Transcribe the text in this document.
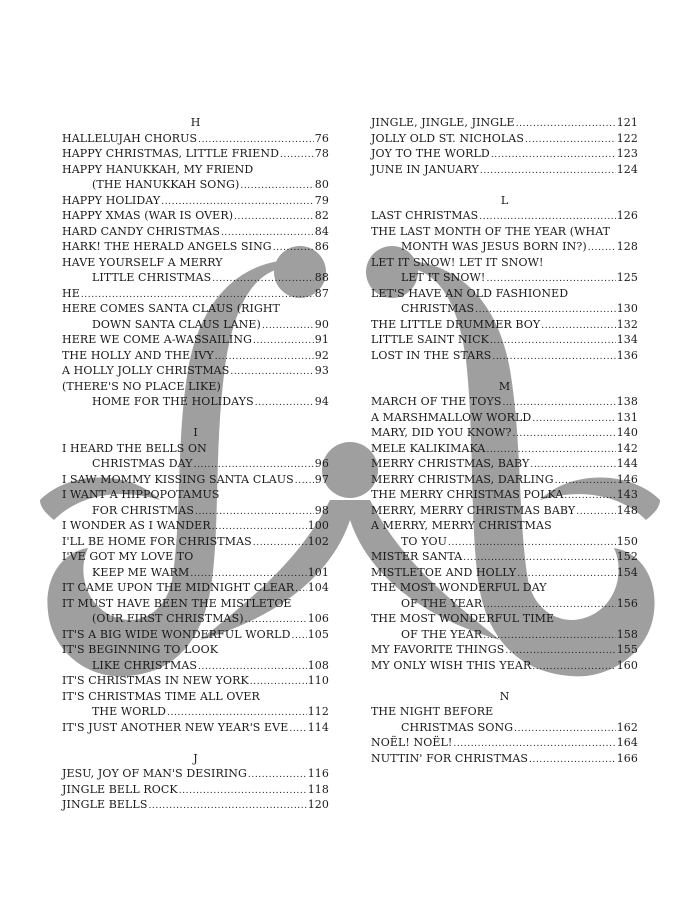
H
HALLELUJAH CHORUS .....	76
HAPPY CHRISTMAS, LITTLE FRIEND .....	78
HAPPY HANUKKAH, MY FRIEND
(THE HANUKKAH SONG) .....	80
HAPPY HOLIDAY .....	79
HAPPY XMAS (WAR IS OVER) .....	82
HARD CANDY CHRISTMAS .....	84
HARK! THE HERALD ANGELS SING .....	86
HAVE YOURSELF A MERRY
LITTLE CHRISTMAS .....	88
HE .....	87
HERE COMES SANTA CLAUS (RIGHT
DOWN SANTA CLAUS LANE) .....	90
HERE WE COME A-WASSAILING .....	91
THE HOLLY AND THE IVY .....	92
A HOLLY JOLLY CHRISTMAS .....	93
(THERE'S NO PLACE LIKE)
HOME FOR THE HOLIDAYS .....	94
I
I HEARD THE BELLS ON
CHRISTMAS DAY .....	96
I SAW MOMMY KISSING SANTA CLAUS ..... 97
I WANT A HIPPOPOTAMUS
FOR CHRISTMAS .....	98
I WONDER AS I WANDER .....	100
I'LL BE HOME FOR CHRISTMAS .....	102
I'VE GOT MY LOVE TO
KEEP ME WARM .....	101
IT CAME UPON THE MIDNIGHT CLEAR ..... 104
IT MUST HAVE BEEN THE MISTLETOE
(OUR FIRST CHRISTMAS) .....	106
IT'S A BIG WIDE WONDERFUL WORLD ..... 105
IT'S BEGINNING TO LOOK
LIKE CHRISTMAS .....	108
IT'S CHRISTMAS IN NEW YORK .....	110
IT'S CHRISTMAS TIME ALL OVER
THE WORLD .....	112
IT'S JUST ANOTHER NEW YEAR'S EVE ..... 114
J
JESU, JOY OF MAN'S DESIRING .....	116
JINGLE BELL ROCK .....	118
JINGLE BELLS .....	120
JINGLE, JINGLE, JINGLE .....	121
JOLLY OLD ST. NICHOLAS .....	122
JOY TO THE WORLD .....	123
JUNE IN JANUARY .....	124
L
LAST CHRISTMAS .....	126
THE LAST MONTH OF THE YEAR (WHAT
MONTH WAS JESUS BORN IN?) .....	128
LET IT SNOW! LET IT SNOW!
LET IT SNOW! .....	125
LET'S HAVE AN OLD FASHIONED
CHRISTMAS .....	130
THE LITTLE DRUMMER BOY .....	132
LITTLE SAINT NICK .....	134
LOST IN THE STARS .....	136
M
MARCH OF THE TOYS .....	138
A MARSHMALLOW WORLD .....	131
MARY, DID YOU KNOW? .....	140
MELE KALIKIMAKA .....	142
MERRY CHRISTMAS, BABY .....	144
MERRY CHRISTMAS, DARLING .....	146
THE MERRY CHRISTMAS POLKA .....	143
MERRY, MERRY CHRISTMAS BABY .....	148
A MERRY, MERRY CHRISTMAS
TO YOU .....	150
MISTER SANTA .....	152
MISTLETOE AND HOLLY .....	154
THE MOST WONDERFUL DAY
OF THE YEAR .....	156
THE MOST WONDERFUL TIME
OF THE YEAR .....	158
MY FAVORITE THINGS .....	155
MY ONLY WISH THIS YEAR .....	160
N
THE NIGHT BEFORE
CHRISTMAS SONG .....	162
NOËL! NOËL! .....	164
NUTTIN' FOR CHRISTMAS .....	166
